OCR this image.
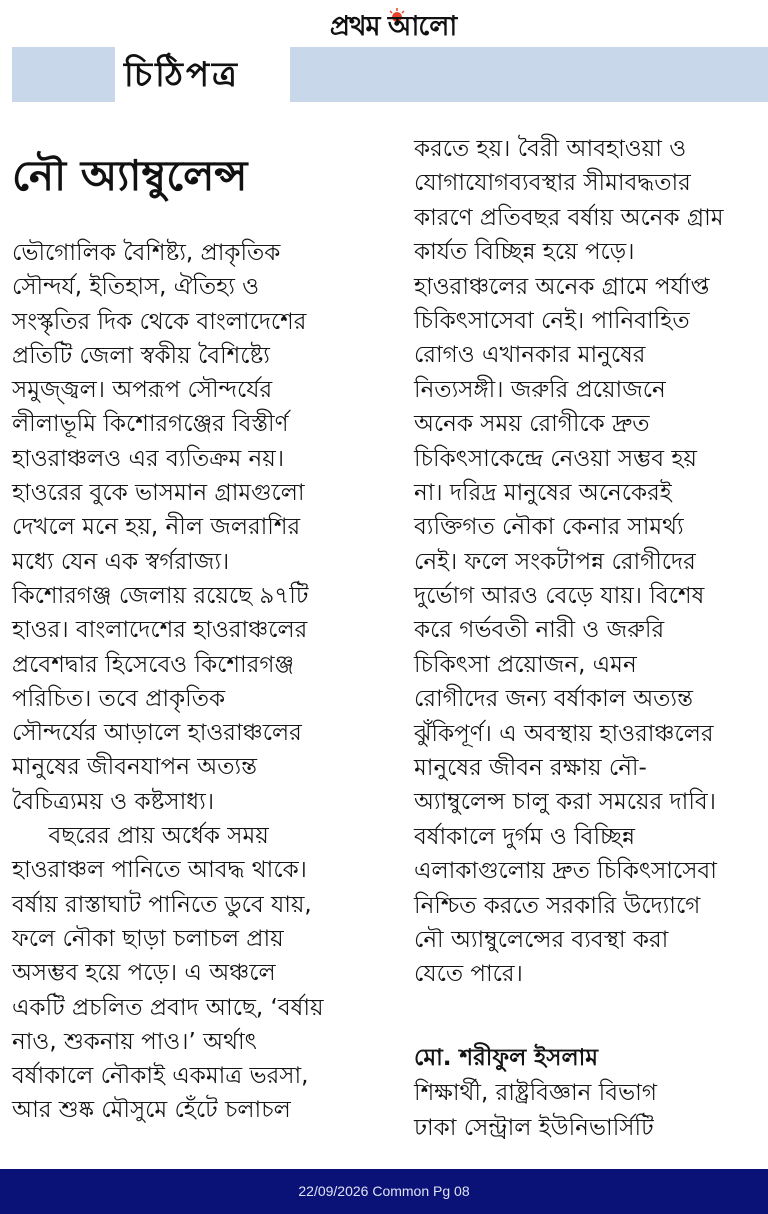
প্রথম আলো
চিঠিপত্র
নৌ অ্যাম্বুলেন্স
ভৌগোলিক বৈশিষ্ট্য, প্রাকৃতিক
সৌন্দর্য, ইতিহাস, ঐতিহ্য ও
সংস্কৃতির দিক থেকে বাংলাদেশের
প্রতিটি জেলা স্বকীয় বৈশিষ্ট্যে
সমুজ্জ্বল। অপরূপ সৌন্দর্যের
লীলাভূমি কিশোরগঞ্জের বিস্তীর্ণ
হাওরাঞ্চলও এর ব্যতিক্রম নয়।
হাওরের বুকে ভাসমান গ্রামগুলো
দেখলে মনে হয়, নীল জলরাশির
মধ্যে যেন এক স্বর্গরাজ্য।
কিশোরগঞ্জ জেলায় রয়েছে ৯৭টি
হাওর। বাংলাদেশের হাওরাঞ্চলের
প্রবেশদ্বার হিসেবেও কিশোরগঞ্জ
পরিচিত। তবে প্রাকৃতিক
সৌন্দর্যের আড়ালে হাওরাঞ্চলের
মানুষের জীবনযাপন অত্যন্ত
বৈচিত্র্যময় ও কষ্টসাধ্য।
বছরের প্রায় অর্ধেক সময়
হাওরাঞ্চল পানিতে আবদ্ধ থাকে।
বর্ষায় রাস্তাঘাট পানিতে ডুবে যায়,
ফলে নৌকা ছাড়া চলাচল প্রায়
অসম্ভব হয়ে পড়ে। এ অঞ্চলে
একটি প্রচলিত প্রবাদ আছে, ‘বর্ষায়
নাও, শুকনায় পাও।’ অর্থাৎ
বর্ষাকালে নৌকাই একমাত্র ভরসা,
আর শুষ্ক মৌসুমে হেঁটে চলাচল
করতে হয়। বৈরী আবহাওয়া ও
যোগাযোগব্যবস্থার সীমাবদ্ধতার
কারণে প্রতিবছর বর্ষায় অনেক গ্রাম
কার্যত বিচ্ছিন্ন হয়ে পড়ে।
হাওরাঞ্চলের অনেক গ্রামে পর্যাপ্ত
চিকিৎসাসেবা নেই। পানিবাহিত
রোগও এখানকার মানুষের
নিত্যসঙ্গী। জরুরি প্রয়োজনে
অনেক সময় রোগীকে দ্রুত
চিকিৎসাকেন্দ্রে নেওয়া সম্ভব হয়
না। দরিদ্র মানুষের অনেকেরই
ব্যক্তিগত নৌকা কেনার সামর্থ্য
নেই। ফলে সংকটাপন্ন রোগীদের
দুর্ভোগ আরও বেড়ে যায়। বিশেষ
করে গর্ভবতী নারী ও জরুরি
চিকিৎসা প্রয়োজন, এমন
রোগীদের জন্য বর্ষাকাল অত্যন্ত
ঝুঁকিপূর্ণ। এ অবস্থায় হাওরাঞ্চলের
মানুষের জীবন রক্ষায় নৌ-
অ্যাম্বুলেন্স চালু করা সময়ের দাবি।
বর্ষাকালে দুর্গম ও বিচ্ছিন্ন
এলাকাগুলোয় দ্রুত চিকিৎসাসেবা
নিশ্চিত করতে সরকারি উদ্যোগে
নৌ অ্যাম্বুলেন্সের ব্যবস্থা করা
যেতে পারে।
মো. শরীফুল ইসলাম
শিক্ষার্থী, রাষ্ট্রবিজ্ঞান বিভাগ
ঢাকা সেন্ট্রাল ইউনিভার্সিটি
22/09/2026 Common Pg 08
